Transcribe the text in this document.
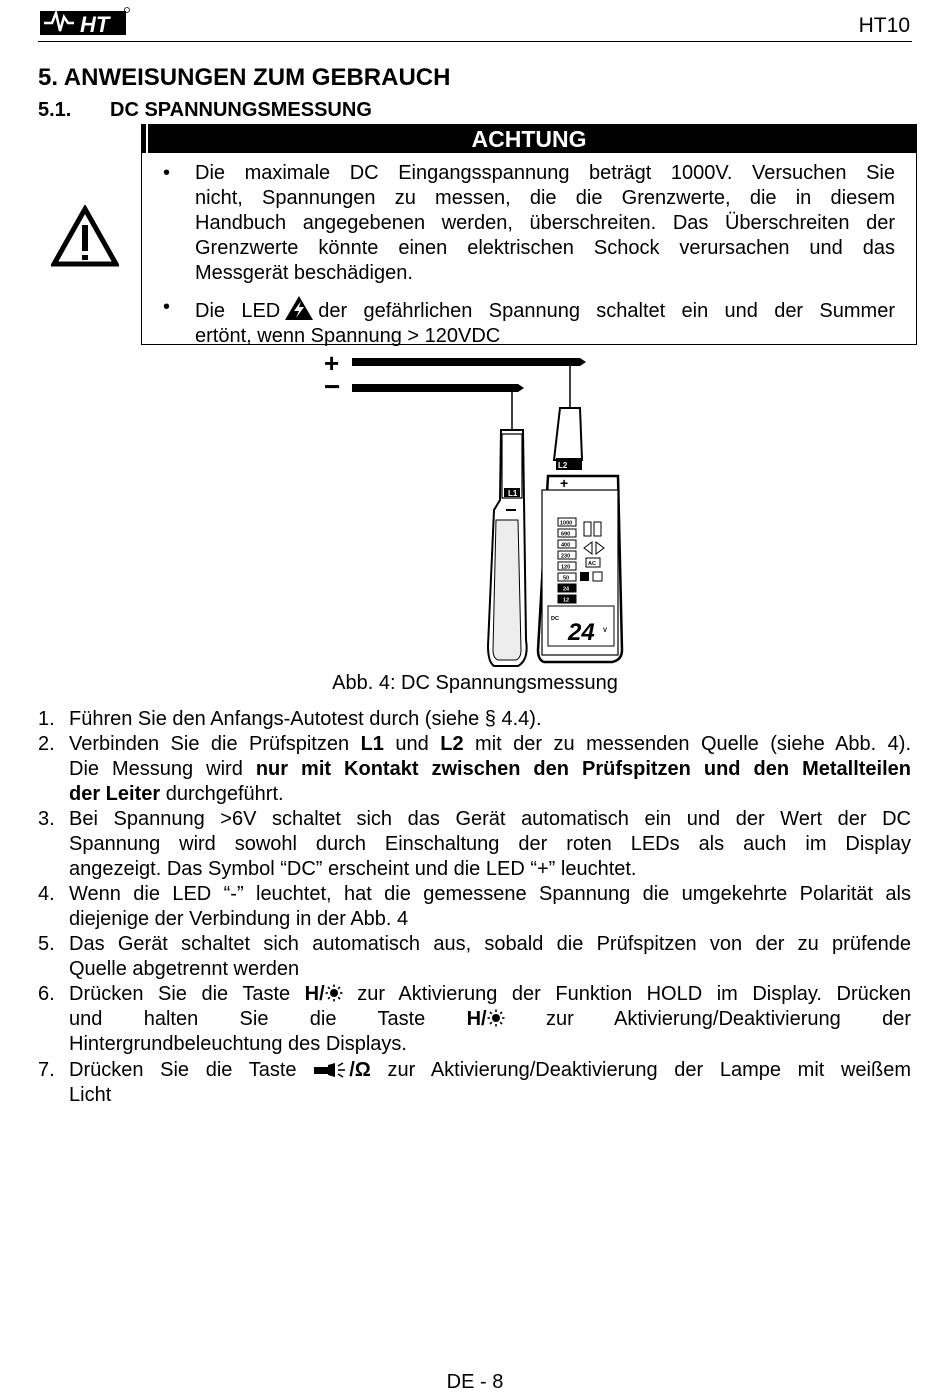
HT	HT10
5. ANWEISUNGEN ZUM GEBRAUCH
5.1. DC SPANNUNGSMESSUNG
ACHTUNG
• Die maximale DC Eingangsspannung beträgt 1000V. Versuchen Sie
nicht, Spannungen zu messen, die die Grenzwerte, die in diesem
Handbuch angegebenen werden, überschreiten. Das Überschreiten der
Grenzwerte könnte einen elektrischen Schock verursachen und das
Messgerät beschädigen.
• Die LED der gefährlichen Spannung schaltet ein und der Summer
ertönt, wenn Spannung > 120VDC
+
−
L1
L2
+
1000
690
400
230
120
50
24
12
AC
DC 24 V
Abb. 4: DC Spannungsmessung
1. Führen Sie den Anfangs-Autotest durch (siehe § 4.4).
2. Verbinden Sie die Prüfspitzen L1 und L2 mit der zu messenden Quelle (siehe Abb. 4).
Die Messung wird nur mit Kontakt zwischen den Prüfspitzen und den Metallteilen
der Leiter durchgeführt.
3. Bei Spannung >6V schaltet sich das Gerät automatisch ein und der Wert der DC
Spannung wird sowohl durch Einschaltung der roten LEDs als auch im Display
angezeigt. Das Symbol “DC” erscheint und die LED “+” leuchtet.
4. Wenn die LED “-” leuchtet, hat die gemessene Spannung die umgekehrte Polarität als
diejenige der Verbindung in der Abb. 4
5. Das Gerät schaltet sich automatisch aus, sobald die Prüfspitzen von der zu prüfende
Quelle abgetrennt werden
6. Drücken Sie die Taste H/ zur Aktivierung der Funktion HOLD im Display. Drücken
und halten Sie die Taste H/	zur Aktivierung/Deaktivierung der
Hintergrundbeleuchtung des Displays.
7. Drücken Sie die Taste	/Ω zur Aktivierung/Deaktivierung der Lampe mit weißem
Licht
DE - 8
